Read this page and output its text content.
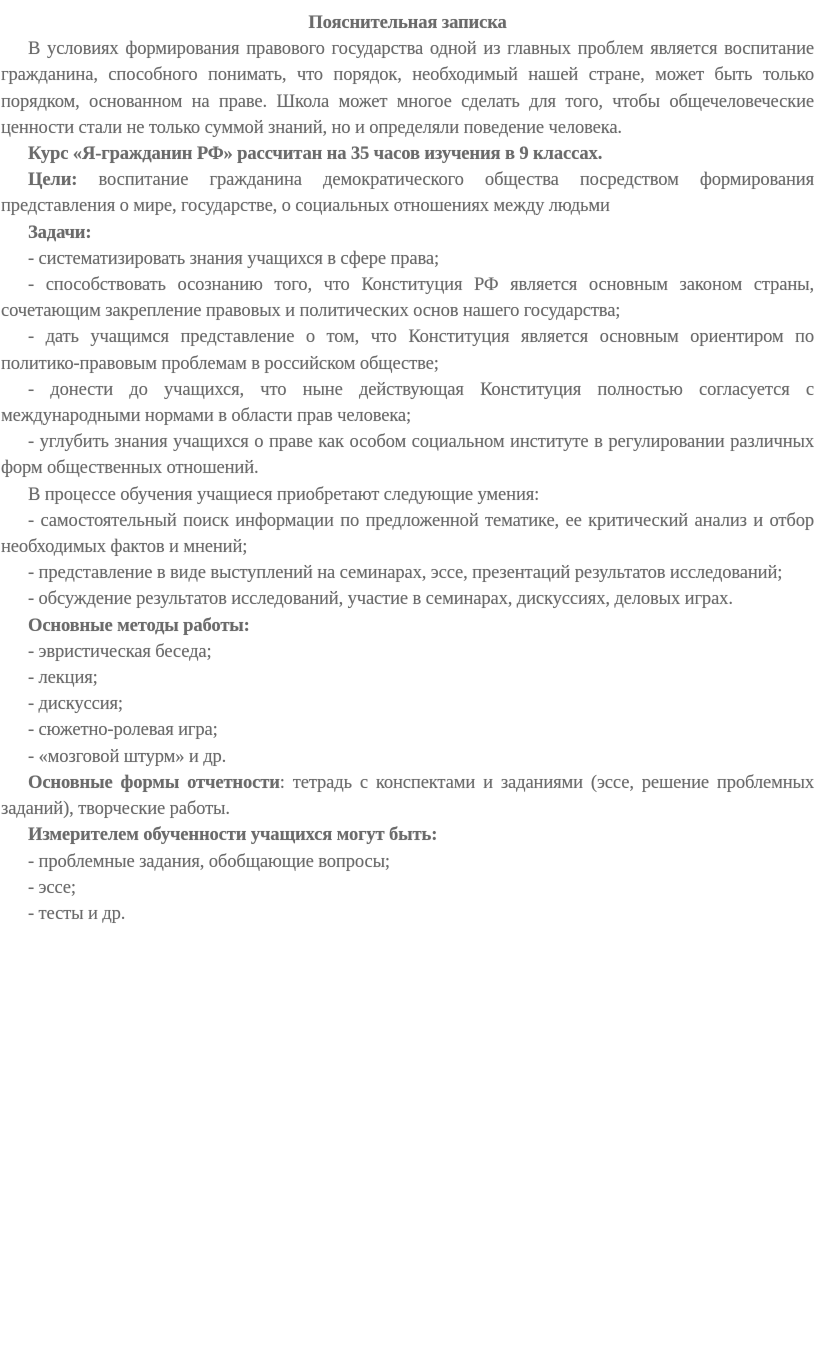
Пояснительная записка

В условиях формирования правового государства одной из главных проблем является воспитание гражданина, способного понимать, что порядок, необходимый нашей стране, может быть только порядком, основанном на праве. Школа может многое сделать для того, чтобы общечеловеческие ценности стали не только суммой знаний, но и определяли поведение человека.

Курс «Я-гражданин РФ» рассчитан на 35 часов изучения в 9 классах.

Цели: воспитание гражданина демократического общества посредством формирования представления о мире, государстве, о социальных отношениях между людьми

Задачи:

- систематизировать знания учащихся в сфере права;

- способствовать осознанию того, что Конституция РФ является основным законом страны, сочетающим закрепление правовых и политических основ нашего государства;

- дать учащимся представление о том, что Конституция является основным ориентиром по политико-правовым проблемам в российском обществе;

- донести до учащихся, что ныне действующая Конституция полностью согласуется с международными нормами в области прав человека;

- углубить знания учащихся о праве как особом социальном институте в регулировании различных форм общественных отношений.

В процессе обучения учащиеся приобретают следующие умения:

- самостоятельный поиск информации по предложенной тематике, ее критический анализ и отбор необходимых фактов и мнений;

- представление в виде выступлений на семинарах, эссе, презентаций результатов исследований;

- обсуждение результатов исследований, участие в семинарах, дискуссиях, деловых играх.

Основные методы работы:

- эвристическая беседа;

- лекция;

- дискуссия;

- сюжетно-ролевая игра;

- «мозговой штурм» и др.

Основные формы отчетности: тетрадь с конспектами и заданиями (эссе, решение проблемных заданий), творческие работы.

Измерителем обученности учащихся могут быть:

- проблемные задания, обобщающие вопросы;

- эссе;

- тесты и др.
